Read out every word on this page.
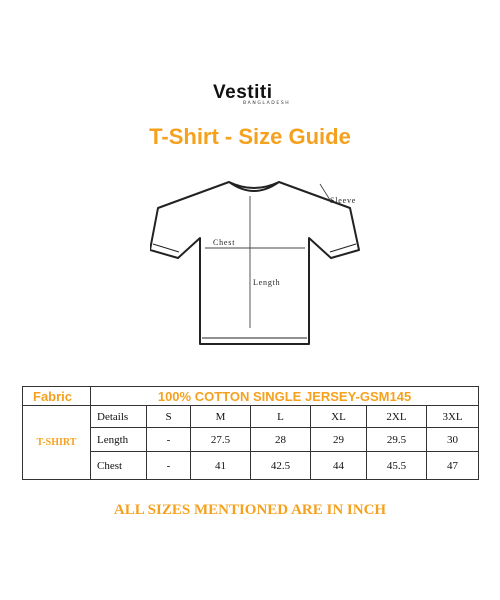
Vestiti
BANGLADESH
T-Shirt - Size Guide
Chest
Length
Sleeve
Fabric	100% COTTON SINGLE JERSEY-GSM145						
T-SHIRT	Details	S	M	L	XL	2XL	3XL
	Length	-	27.5	28	29	29.5	30
	Chest	-	41	42.5	44	45.5	47
ALL SIZES MENTIONED ARE IN INCH
